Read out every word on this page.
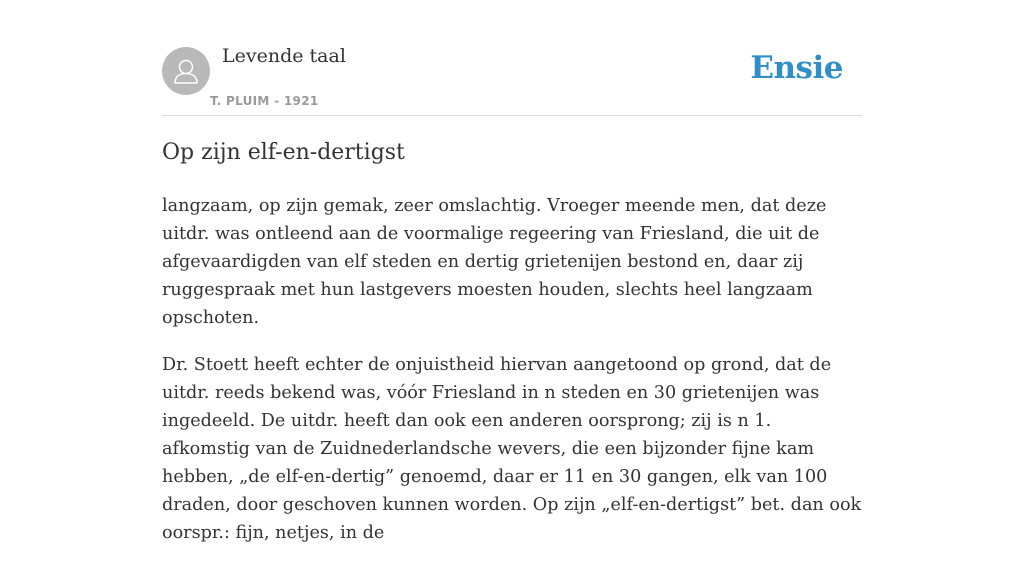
Levende taal
T. PLUIM - 1921
Ensie
Op zijn elf-en-dertigst

langzaam, op zijn gemak, zeer omslachtig. Vroeger meende men, dat deze uitdr. was ontleend aan de voormalige regeering van Friesland, die uit de afgevaardigden van elf steden en dertig grietenijen bestond en, daar zij ruggespraak met hun lastgevers moesten houden, slechts heel langzaam opschoten.

Dr. Stoett heeft echter de onjuistheid hiervan aangetoond op grond, dat de uitdr. reeds bekend was, vóór Friesland in n steden en 30 grietenijen was ingedeeld. De uitdr. heeft dan ook een anderen oorsprong; zij is n 1. afkomstig van de Zuidnederlandsche wevers, die een bijzonder fijne kam hebben, „de elf-en-dertig” genoemd, daar er 11 en 30 gangen, elk van 100 draden, door geschoven kunnen worden. Op zijn „elf-en-dertigst” bet. dan ook oorspr.: fijn, netjes, in de
